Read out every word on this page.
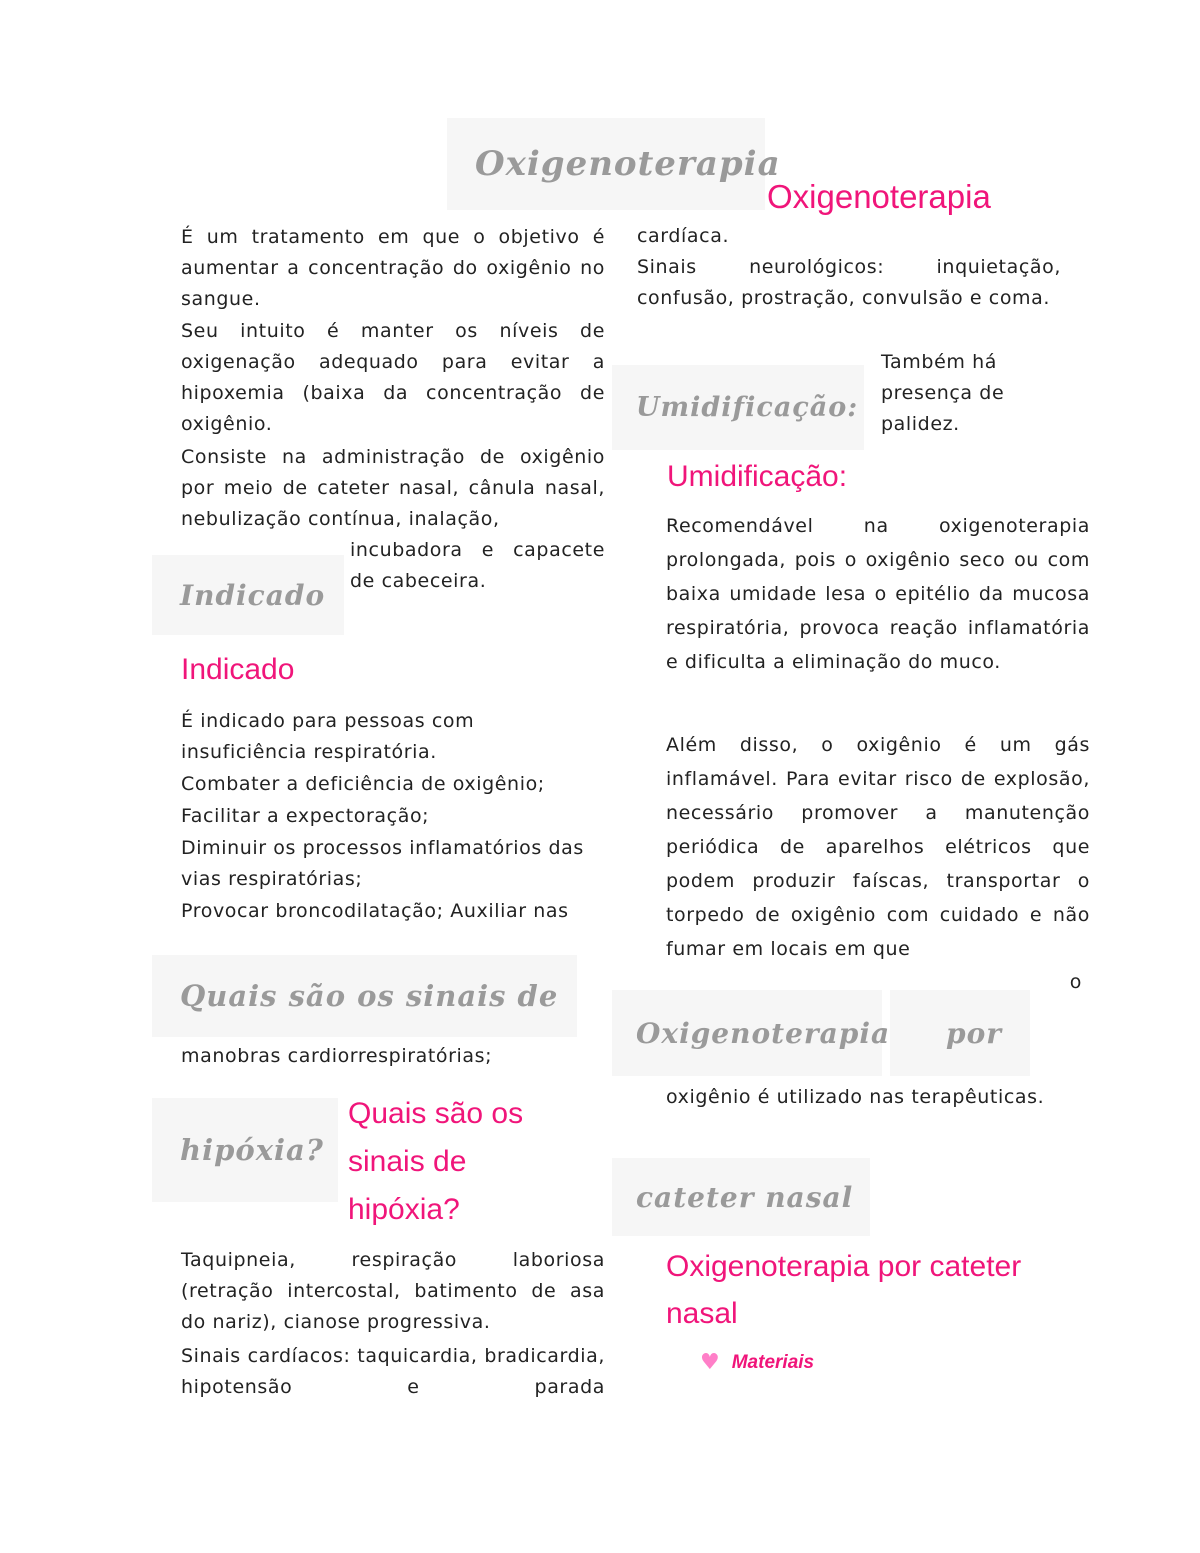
Oxigenoterapia
Indicado
Quais são os sinais de
hipóxia?
Umidificação:
Oxigenoterapia	por
cateter nasal
Oxigenoterapia
Indicado
Quais são os
sinais de
hipóxia?
Umidificação:
Oxigenoterapia por cateter
nasal

É um tratamento em que o objetivo é aumentar a concentração do oxigênio no sangue.

Seu intuito é manter os níveis de oxigenação adequado para evitar a hipoxemia (baixa da concentração de oxigênio.

Consiste na administração de oxigênio por meio de cateter nasal, cânula nasal, nebulização contínua, inalação,

incubadora e capacete de cabeceira.

É indicado para pessoas com insuficiência respiratória.

Combater a deficiência de oxigênio;

Facilitar a expectoração;

Diminuir os processos inflamatórios das vias respiratórias;

Provocar broncodilatação; Auxiliar nas

manobras cardiorrespiratórias;

Taquipneia, respiração laboriosa (retração intercostal, batimento de asa do nariz), cianose progressiva.

Sinais cardíacos: taquicardia, bradicardia, hipotensão e parada

cardíaca.

Sinais neurológicos: inquietação, confusão, prostração, convulsão e coma.

Também há presença de palidez.

Recomendável na oxigenoterapia prolongada, pois o oxigênio seco ou com baixa umidade lesa o epitélio da mucosa respiratória, provoca reação inflamatória e dificulta a eliminação do muco.

Além disso, o oxigênio é um gás inflamável. Para evitar risco de explosão, necessário promover a manutenção periódica de aparelhos elétricos que podem produzir faíscas, transportar o torpedo de oxigênio com cuidado e não fumar em locais em que

o

oxigênio é utilizado nas terapêuticas.

♥ Materiais
